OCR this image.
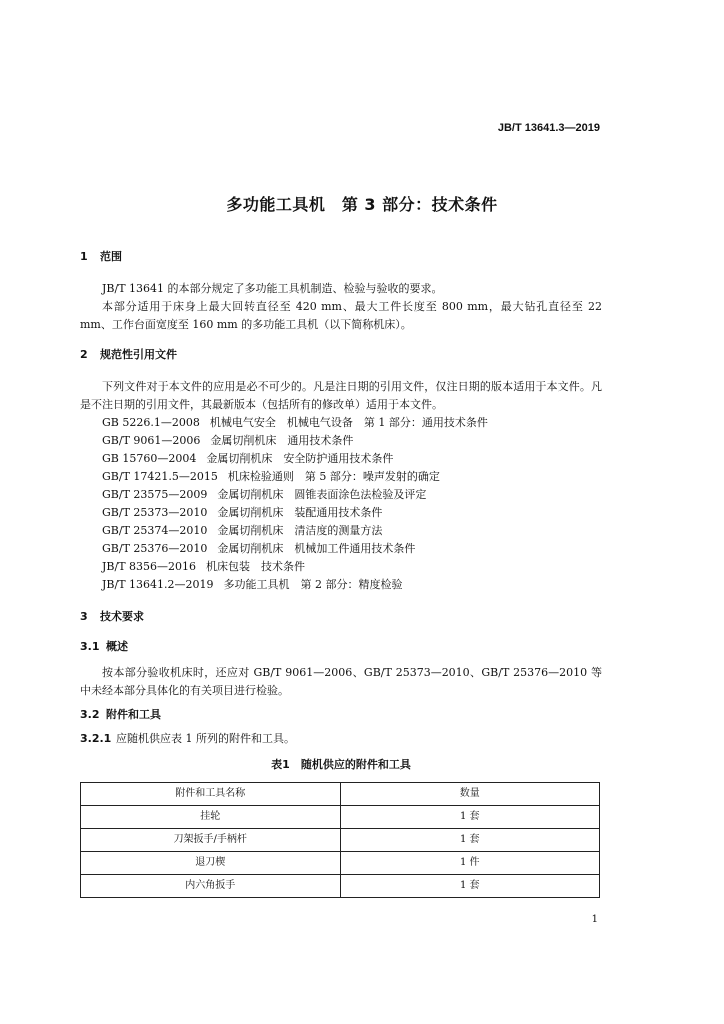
JB/T 13641.3—2019
多功能工具机　第 3 部分：技术条件

1 范围

JB/T 13641 的本部分规定了多功能工具机制造、检验与验收的要求。

本部分适用于床身上最大回转直径至 420 mm、最大工件长度至 800 mm，最大钻孔直径至 22 mm、工作台面宽度至 160 mm 的多功能工具机（以下简称机床）。

2 规范性引用文件

下列文件对于本文件的应用是必不可少的。凡是注日期的引用文件，仅注日期的版本适用于本文件。凡是不注日期的引用文件，其最新版本（包括所有的修改单）适用于本文件。

GB 5226.1—2008 机械电气安全　机械电气设备　第 1 部分：通用技术条件

GB/T 9061—2006 金属切削机床　通用技术条件

GB 15760—2004 金属切削机床　安全防护通用技术条件

GB/T 17421.5—2015 机床检验通则　第 5 部分：噪声发射的确定

GB/T 23575—2009 金属切削机床　圆锥表面涂色法检验及评定

GB/T 25373—2010 金属切削机床　装配通用技术条件

GB/T 25374—2010 金属切削机床　清洁度的测量方法

GB/T 25376—2010 金属切削机床　机械加工件通用技术条件

JB/T 8356—2016 机床包装　技术条件

JB/T 13641.2—2019 多功能工具机　第 2 部分：精度检验

3 技术要求

3.1 概述

按本部分验收机床时，还应对 GB/T 9061—2006、GB/T 25373—2010、GB/T 25376—2010 等中未经本部分具体化的有关项目进行检验。

3.2 附件和工具

3.2.1 应随机供应表 1 所列的附件和工具。

表1　随机供应的附件和工具

附件和工具名称	数量
挂轮	1 套
刀架扳手/手柄杆	1 套
退刀楔	1 件
内六角扳手	1 套
1
